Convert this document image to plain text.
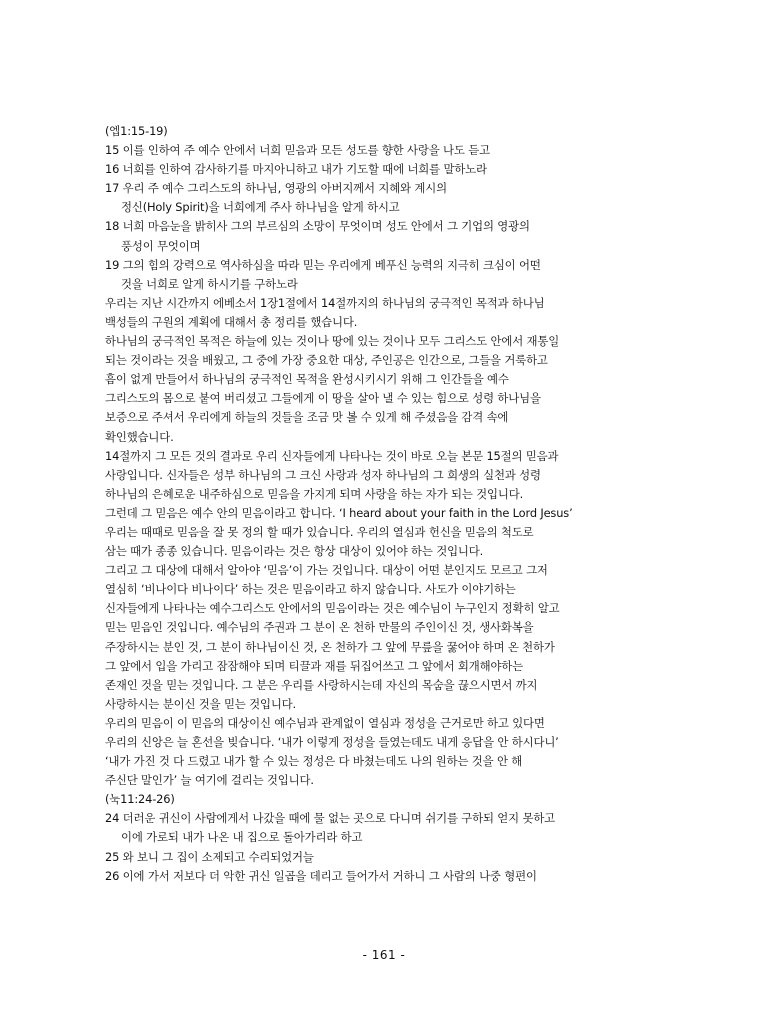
(엡1:15-19)
15 이를 인하여 주 예수 안에서 너희 믿음과 모든 성도를 향한 사랑을 나도 듣고
16 너희를 인하여 감사하기를 마지아니하고 내가 기도할 때에 너희를 말하노라
17 우리 주 예수 그리스도의 하나님, 영광의 아버지께서 지혜와 계시의
정신(Holy Spirit)을 너희에게 주사 하나님을 알게 하시고
18 너희 마음눈을 밝히사 그의 부르심의 소망이 무엇이며 성도 안에서 그 기업의 영광의
풍성이 무엇이며
19 그의 힘의 강력으로 역사하심을 따라 믿는 우리에게 베푸신 능력의 지극히 크심이 어떤
것을 너희로 알게 하시기를 구하노라
우리는 지난 시간까지 에베소서 1장1절에서 14절까지의 하나님의 궁극적인 목적과 하나님
백성들의 구원의 계획에 대해서 총 정리를 했습니다.
하나님의 궁극적인 목적은 하늘에 있는 것이나 땅에 있는 것이나 모두 그리스도 안에서 재통일
되는 것이라는 것을 배웠고, 그 중에 가장 중요한 대상, 주인공은 인간으로, 그들을 거룩하고
흠이 없게 만들어서 하나님의 궁극적인 목적을 완성시키시기 위해 그 인간들을 예수
그리스도의 몸으로 붙여 버리셨고 그들에게 이 땅을 살아 낼 수 있는 힘으로 성령 하나님을
보증으로 주셔서 우리에게 하늘의 것들을 조금 맛 볼 수 있게 해 주셨음을 감격 속에
확인했습니다.
14절까지 그 모든 것의 결과로 우리 신자들에게 나타나는 것이 바로 오늘 본문 15절의 믿음과
사랑입니다. 신자들은 성부 하나님의 그 크신 사랑과 성자 하나님의 그 희생의 실천과 성령
하나님의 은혜로운 내주하심으로 믿음을 가지게 되며 사랑을 하는 자가 되는 것입니다.
그런데 그 믿음은 예수 안의 믿음이라고 합니다. ‘I heard about your faith in the Lord Jesus’
우리는 때때로 믿음을 잘 못 정의 할 때가 있습니다. 우리의 열심과 헌신을 믿음의 척도로
삼는 때가 종종 있습니다. 믿음이라는 것은 항상 대상이 있어야 하는 것입니다.
그리고 그 대상에 대해서 알아야 ‘믿음’이 가는 것입니다. 대상이 어떤 분인지도 모르고 그저
열심히 ‘비나이다 비나이다’ 하는 것은 믿음이라고 하지 않습니다. 사도가 이야기하는
신자들에게 나타나는 예수그리스도 안에서의 믿음이라는 것은 예수님이 누구인지 정확히 알고
믿는 믿음인 것입니다. 예수님의 주권과 그 분이 온 천하 만물의 주인이신 것, 생사화복을
주장하시는 분인 것, 그 분이 하나님이신 것, 온 천하가 그 앞에 무릎을 꿇어야 하며 온 천하가
그 앞에서 입을 가리고 잠잠해야 되며 티끌과 재를 뒤집어쓰고 그 앞에서 회개해야하는
존재인 것을 믿는 것입니다. 그 분은 우리를 사랑하시는데 자신의 목숨을 끊으시면서 까지
사랑하시는 분이신 것을 믿는 것입니다.
우리의 믿음이 이 믿음의 대상이신 예수님과 관계없이 열심과 정성을 근거로만 하고 있다면
우리의 신앙은 늘 혼선을 빚습니다. ‘내가 이렇게 정성을 들였는데도 내게 응답을 안 하시다니’
‘내가 가진 것 다 드렸고 내가 할 수 있는 정성은 다 바쳤는데도 나의 원하는 것을 안 해
주신단 말인가’ 늘 여기에 걸리는 것입니다.
(눅11:24-26)
24 더러운 귀신이 사람에게서 나갔을 때에 물 없는 곳으로 다니며 쉬기를 구하되 얻지 못하고
이에 가로되 내가 나온 내 집으로 돌아가리라 하고
25 와 보니 그 집이 소제되고 수리되었거늘
26 이에 가서 저보다 더 악한 귀신 일곱을 데리고 들어가서 거하니 그 사람의 나중 형편이
- 161 -
